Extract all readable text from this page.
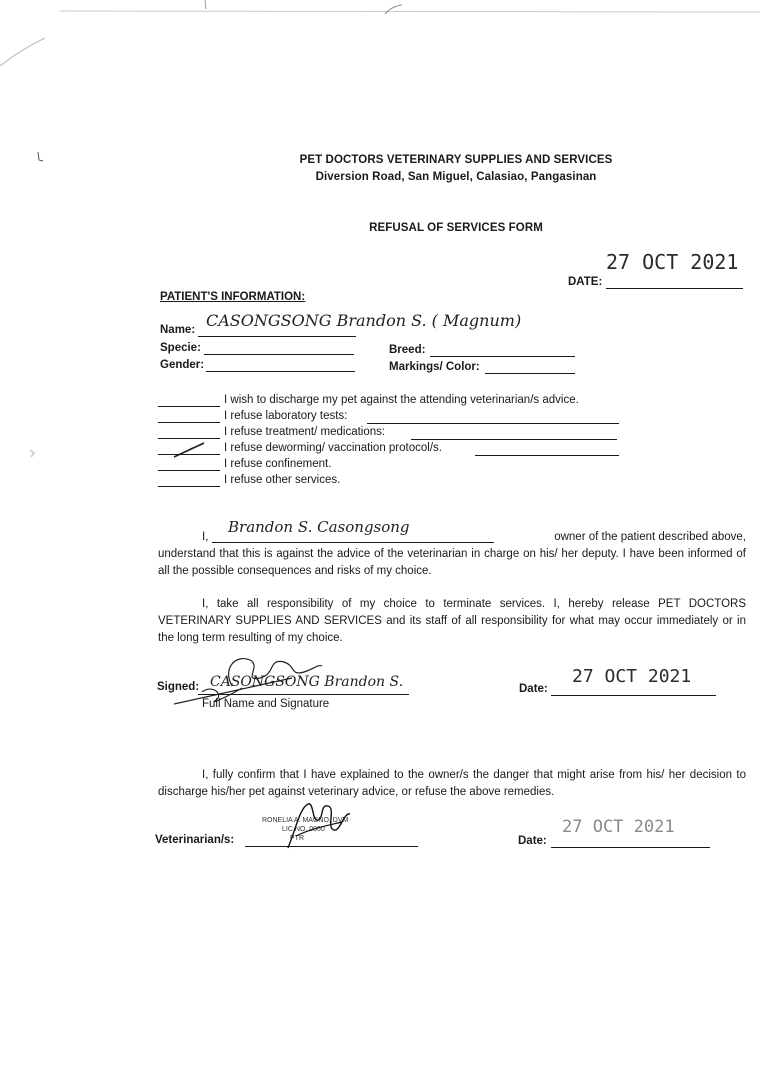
PET DOCTORS VETERINARY SUPPLIES AND SERVICES
Diversion Road, San Miguel, Calasiao, Pangasinan
REFUSAL OF SERVICES FORM
27 OCT 2021
DATE:
PATIENT'S INFORMATION:
Name: CASONGSONG Brandon S. ( Magnum)
Specie:	Breed:
Gender:	Markings/ Color:
I wish to discharge my pet against the attending veterinarian/s advice.
I refuse laboratory tests:
I refuse treatment/ medications:
I refuse deworming/ vaccination protocol/s.
I refuse confinement.
I refuse other services.
I,
Brandon S. Casongsong
owner of the patient described above,
understand that this is against the advice of the veterinarian in charge on his/ her deputy. I have been informed of all the possible consequences and risks of my choice.
I, take all responsibility of my choice to terminate services. I, hereby release PET DOCTORS VETERINARY SUPPLIES AND SERVICES and its staff of all responsibility for what may occur immediately or in the long term resulting of my choice.
Signed: CASONGSONG Brandon S.
Full Name and Signature
27 OCT 2021
Date:
I, fully confirm that I have explained to the owner/s the danger that might arise from his/ her decision to discharge his/her pet against veterinary advice, or refuse the above remedies.
Veterinarian/s:
RONELIA A. MAGNO, DVM
LIC NO. 0060
PTR
27 OCT 2021
Date:
